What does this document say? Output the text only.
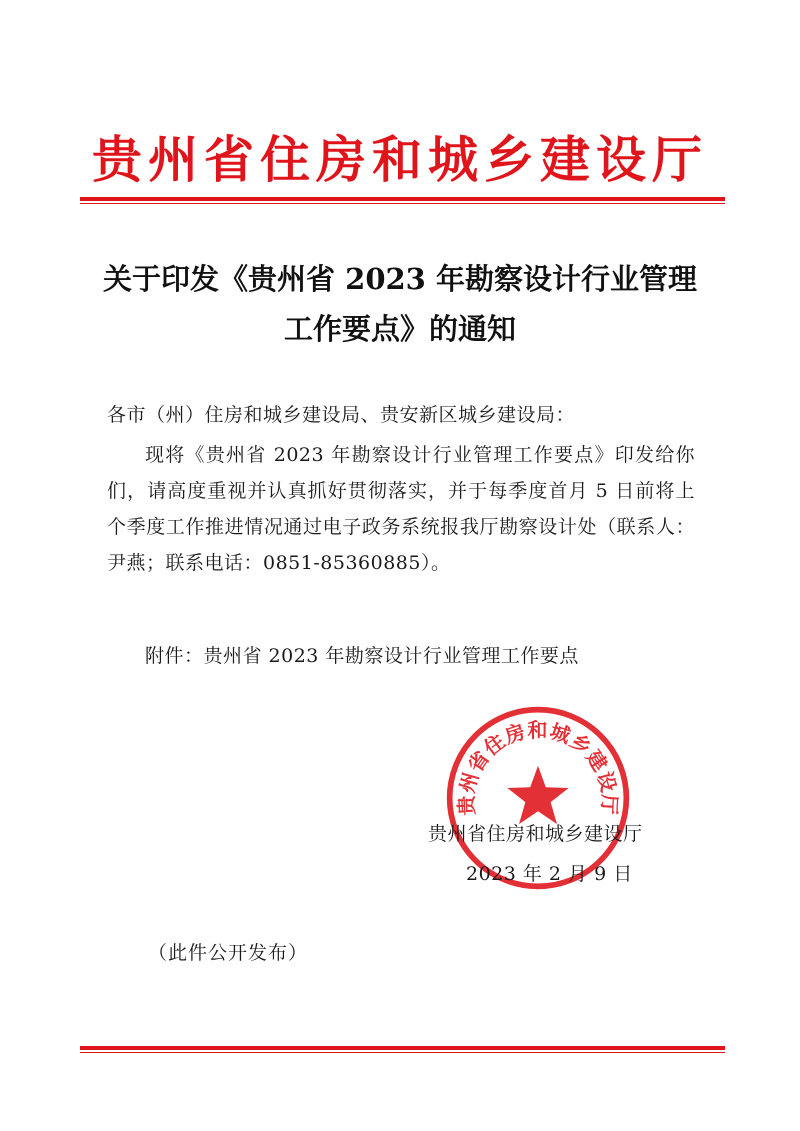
贵州省住房和城乡建设厅
关于印发《贵州省 2023 年勘察设计行业管理
工作要点》的通知
各市（州）住房和城乡建设局、贵安新区城乡建设局：
现将《贵州省 2023 年勘察设计行业管理工作要点》印发给你们，请高度重视并认真抓好贯彻落实，并于每季度首月 5 日前将上个季度工作推进情况通过电子政务系统报我厅勘察设计处（联系人：尹燕；联系电话：0851-85360885）。
附件：贵州省 2023 年勘察设计行业管理工作要点
贵州省住房和城乡建设厅
贵州省住房和城乡建设厅
2023 年 2 月 9 日
（此件公开发布）
